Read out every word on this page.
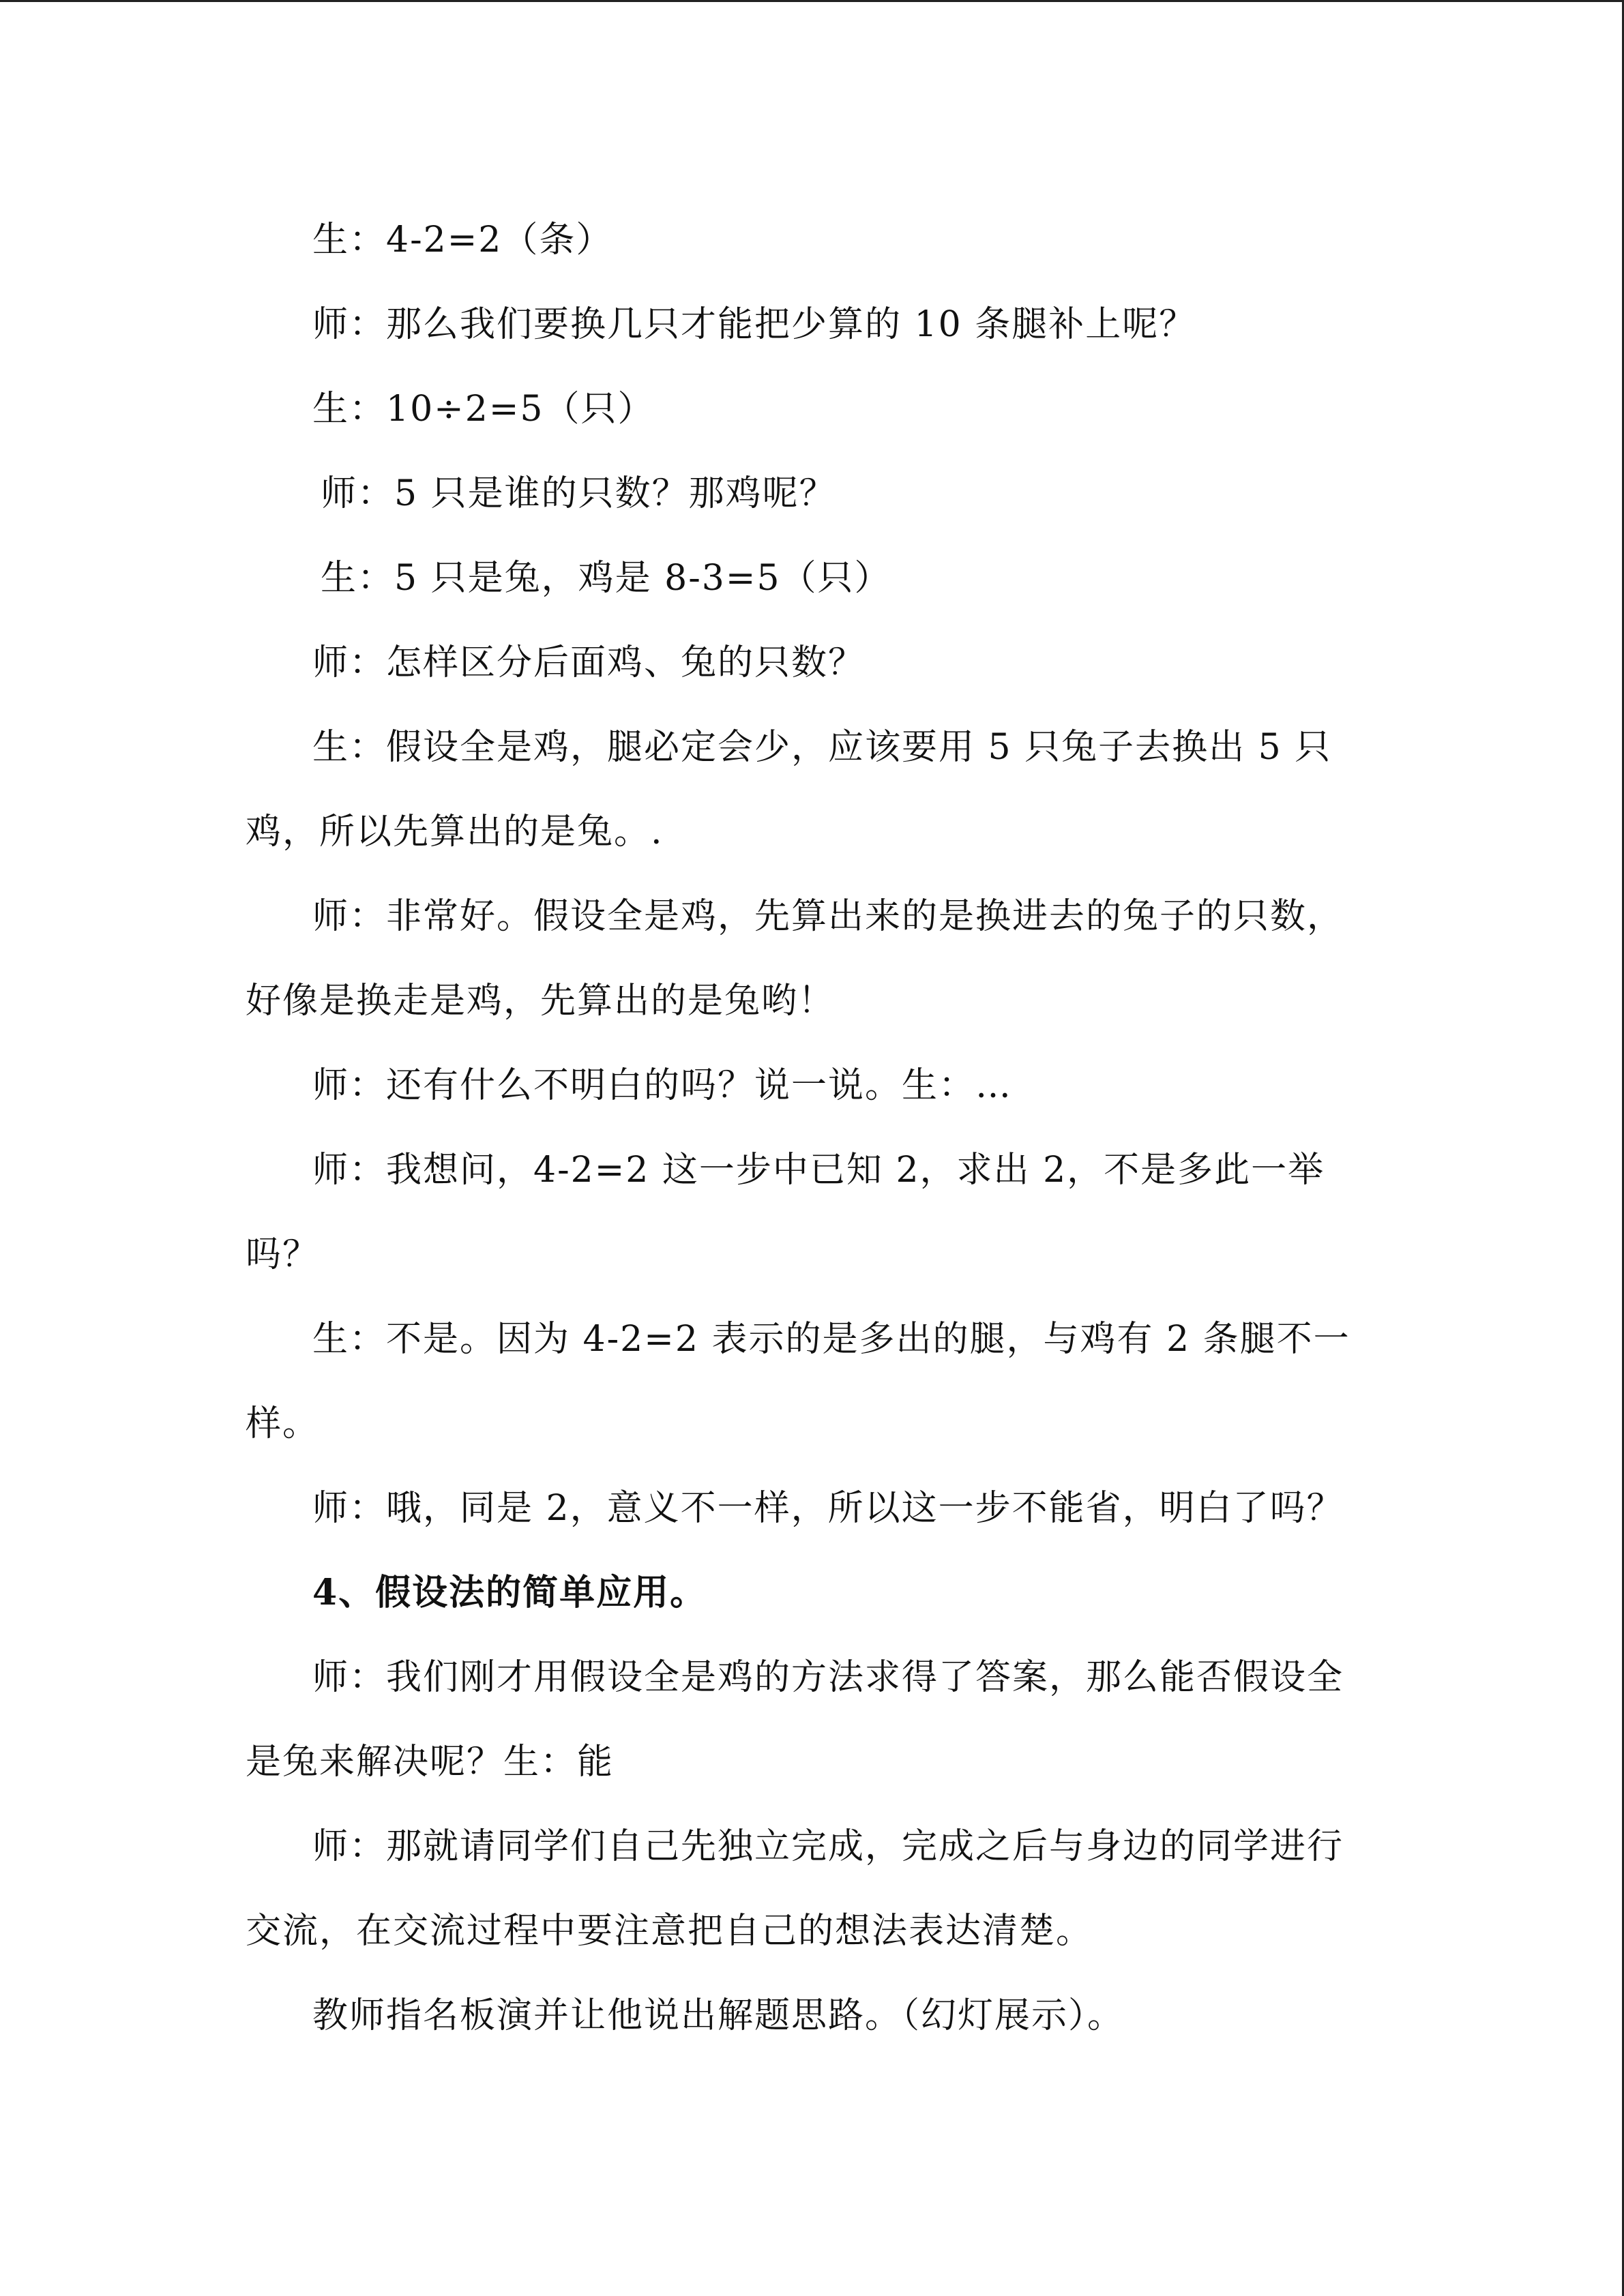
生：4-2=2（条）

师：那么我们要换几只才能把少算的 10 条腿补上呢？

生：10÷2=5（只）

师：5 只是谁的只数？那鸡呢？

生：5 只是兔，鸡是 8-3=5（只）

师：怎样区分后面鸡、兔的只数？

生：假设全是鸡，腿必定会少，应该要用 5 只兔子去换出 5 只鸡，所以先算出的是兔。.

师：非常好。假设全是鸡，先算出来的是换进去的兔子的只数，好像是换走是鸡，先算出的是兔哟！

师：还有什么不明白的吗？说一说。生：…

师：我想问，4-2=2 这一步中已知 2，求出 2，不是多此一举吗？

生：不是。因为 4-2=2 表示的是多出的腿，与鸡有 2 条腿不一样。

师：哦，同是 2，意义不一样，所以这一步不能省，明白了吗？

4、假设法的简单应用。

师：我们刚才用假设全是鸡的方法求得了答案，那么能否假设全是兔来解决呢？生：能

师：那就请同学们自己先独立完成，完成之后与身边的同学进行交流，在交流过程中要注意把自己的想法表达清楚。

教师指名板演并让他说出解题思路。（幻灯展示）。
